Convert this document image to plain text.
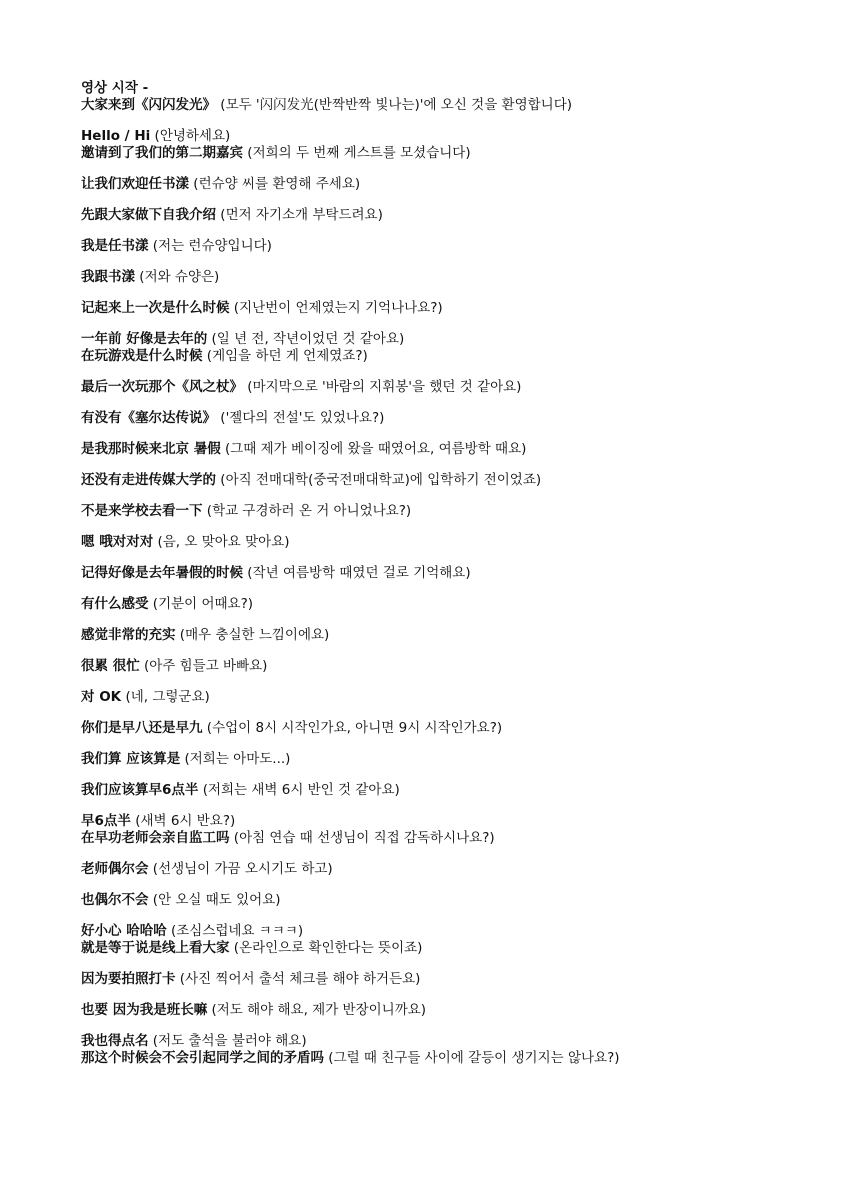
영상 시작 -

大家来到《闪闪发光》 (모두 '闪闪发光(반짝반짝 빛나는)'에 오신 것을 환영합니다)

Hello / Hi (안녕하세요)

邀请到了我们的第二期嘉宾 (저희의 두 번째 게스트를 모셨습니다)

让我们欢迎任书漾 (런슈양 씨를 환영해 주세요)

先跟大家做下自我介绍 (먼저 자기소개 부탁드려요)

我是任书漾 (저는 런슈양입니다)

我跟书漾 (저와 슈양은)

记起来上一次是什么时候 (지난번이 언제였는지 기억나나요?)

一年前 好像是去年的 (일 년 전, 작년이었던 것 같아요)

在玩游戏是什么时候 (게임을 하던 게 언제였죠?)

最后一次玩那个《风之杖》 (마지막으로 '바람의 지휘봉'을 했던 것 같아요)

有没有《塞尔达传说》 ('젤다의 전설'도 있었나요?)

是我那时候来北京 暑假 (그때 제가 베이징에 왔을 때였어요, 여름방학 때요)

还没有走进传媒大学的 (아직 전매대학(중국전매대학교)에 입학하기 전이었죠)

不是来学校去看一下 (학교 구경하러 온 거 아니었나요?)

嗯 哦对对对 (음, 오 맞아요 맞아요)

记得好像是去年暑假的时候 (작년 여름방학 때였던 걸로 기억해요)

有什么感受 (기분이 어때요?)

感觉非常的充实 (매우 충실한 느낌이에요)

很累 很忙 (아주 힘들고 바빠요)

对 OK (네, 그렇군요)

你们是早八还是早九 (수업이 8시 시작인가요, 아니면 9시 시작인가요?)

我们算 应该算是 (저희는 아마도...)

我们应该算早6点半 (저희는 새벽 6시 반인 것 같아요)

早6点半 (새벽 6시 반요?)

在早功老师会亲自监工吗 (아침 연습 때 선생님이 직접 감독하시나요?)

老师偶尔会 (선생님이 가끔 오시기도 하고)

也偶尔不会 (안 오실 때도 있어요)

好小心 哈哈哈 (조심스럽네요 ㅋㅋㅋ)

就是等于说是线上看大家 (온라인으로 확인한다는 뜻이죠)

因为要拍照打卡 (사진 찍어서 출석 체크를 해야 하거든요)

也要 因为我是班长嘛 (저도 해야 해요, 제가 반장이니까요)

我也得点名 (저도 출석을 불러야 해요)

那这个时候会不会引起同学之间的矛盾吗 (그럴 때 친구들 사이에 갈등이 생기지는 않나요?)
